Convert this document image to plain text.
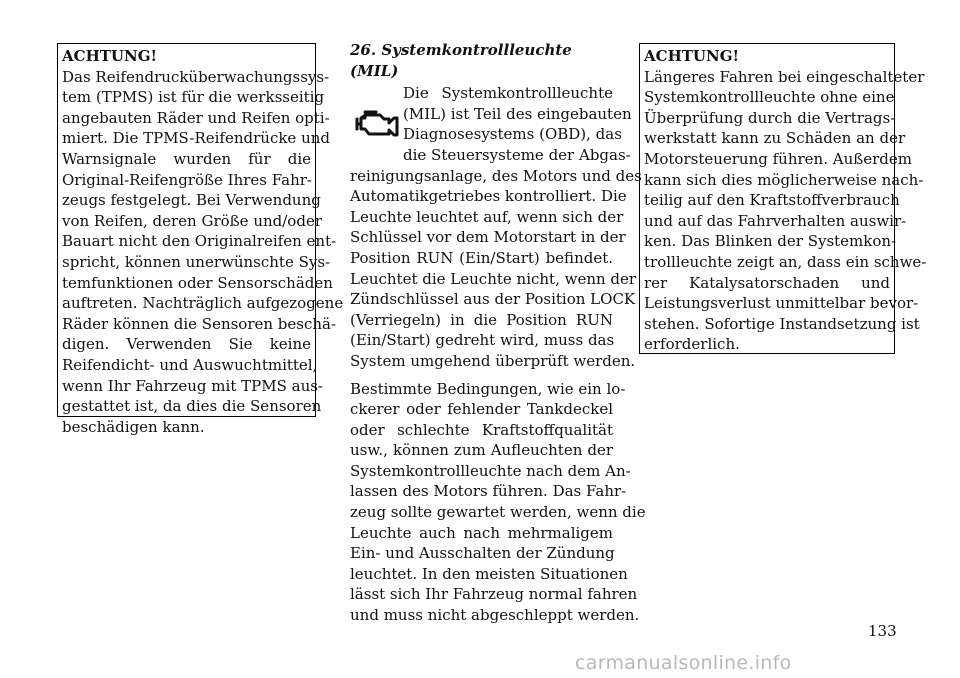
ACHTUNG!
Das Reifendrucküberwachungssys-
tem (TPMS) ist für die werksseitig
angebauten Räder und Reifen opti-
miert. Die TPMS-Reifendrücke und
Warnsignale wurden für die
Original-Reifengröße Ihres Fahr-
zeugs festgelegt. Bei Verwendung
von Reifen, deren Größe und/oder
Bauart nicht den Originalreifen ent-
spricht, können unerwünschte Sys-
temfunktionen oder Sensorschäden
auftreten. Nachträglich aufgezogene
Räder können die Sensoren beschä-
digen. Verwenden Sie keine
Reifendicht- und Auswuchtmittel,
wenn Ihr Fahrzeug mit TPMS aus-
gestattet ist, da dies die Sensoren
beschädigen kann.
26. Systemkontrollleuchte (MIL)
Die Systemkontrollleuchte
(MIL) ist Teil des eingebauten
Diagnosesystems (OBD), das
die Steuersysteme der Abgas-
reinigungsanlage, des Motors und des
Automatikgetriebes kontrolliert. Die
Leuchte leuchtet auf, wenn sich der
Schlüssel vor dem Motorstart in der
Position RUN (Ein/Start) befindet.
Leuchtet die Leuchte nicht, wenn der
Zündschlüssel aus der Position LOCK
(Verriegeln) in die Position RUN
(Ein/Start) gedreht wird, muss das
System umgehend überprüft werden.
Bestimmte Bedingungen, wie ein lo-
ckerer oder fehlender Tankdeckel
oder schlechte Kraftstoffqualität
usw., können zum Aufleuchten der
Systemkontrollleuchte nach dem An-
lassen des Motors führen. Das Fahr-
zeug sollte gewartet werden, wenn die
Leuchte auch nach mehrmaligem
Ein- und Ausschalten der Zündung
leuchtet. In den meisten Situationen
lässt sich Ihr Fahrzeug normal fahren
und muss nicht abgeschleppt werden.
ACHTUNG!
Längeres Fahren bei eingeschalteter
Systemkontrollleuchte ohne eine
Überprüfung durch die Vertrags-
werkstatt kann zu Schäden an der
Motorsteuerung führen. Außerdem
kann sich dies möglicherweise nach-
teilig auf den Kraftstoffverbrauch
und auf das Fahrverhalten auswir-
ken. Das Blinken der Systemkon-
trollleuchte zeigt an, dass ein schwe-
rer Katalysatorschaden und
Leistungsverlust unmittelbar bevor-
stehen. Sofortige Instandsetzung ist
erforderlich.
133
carmanualsonline.info
